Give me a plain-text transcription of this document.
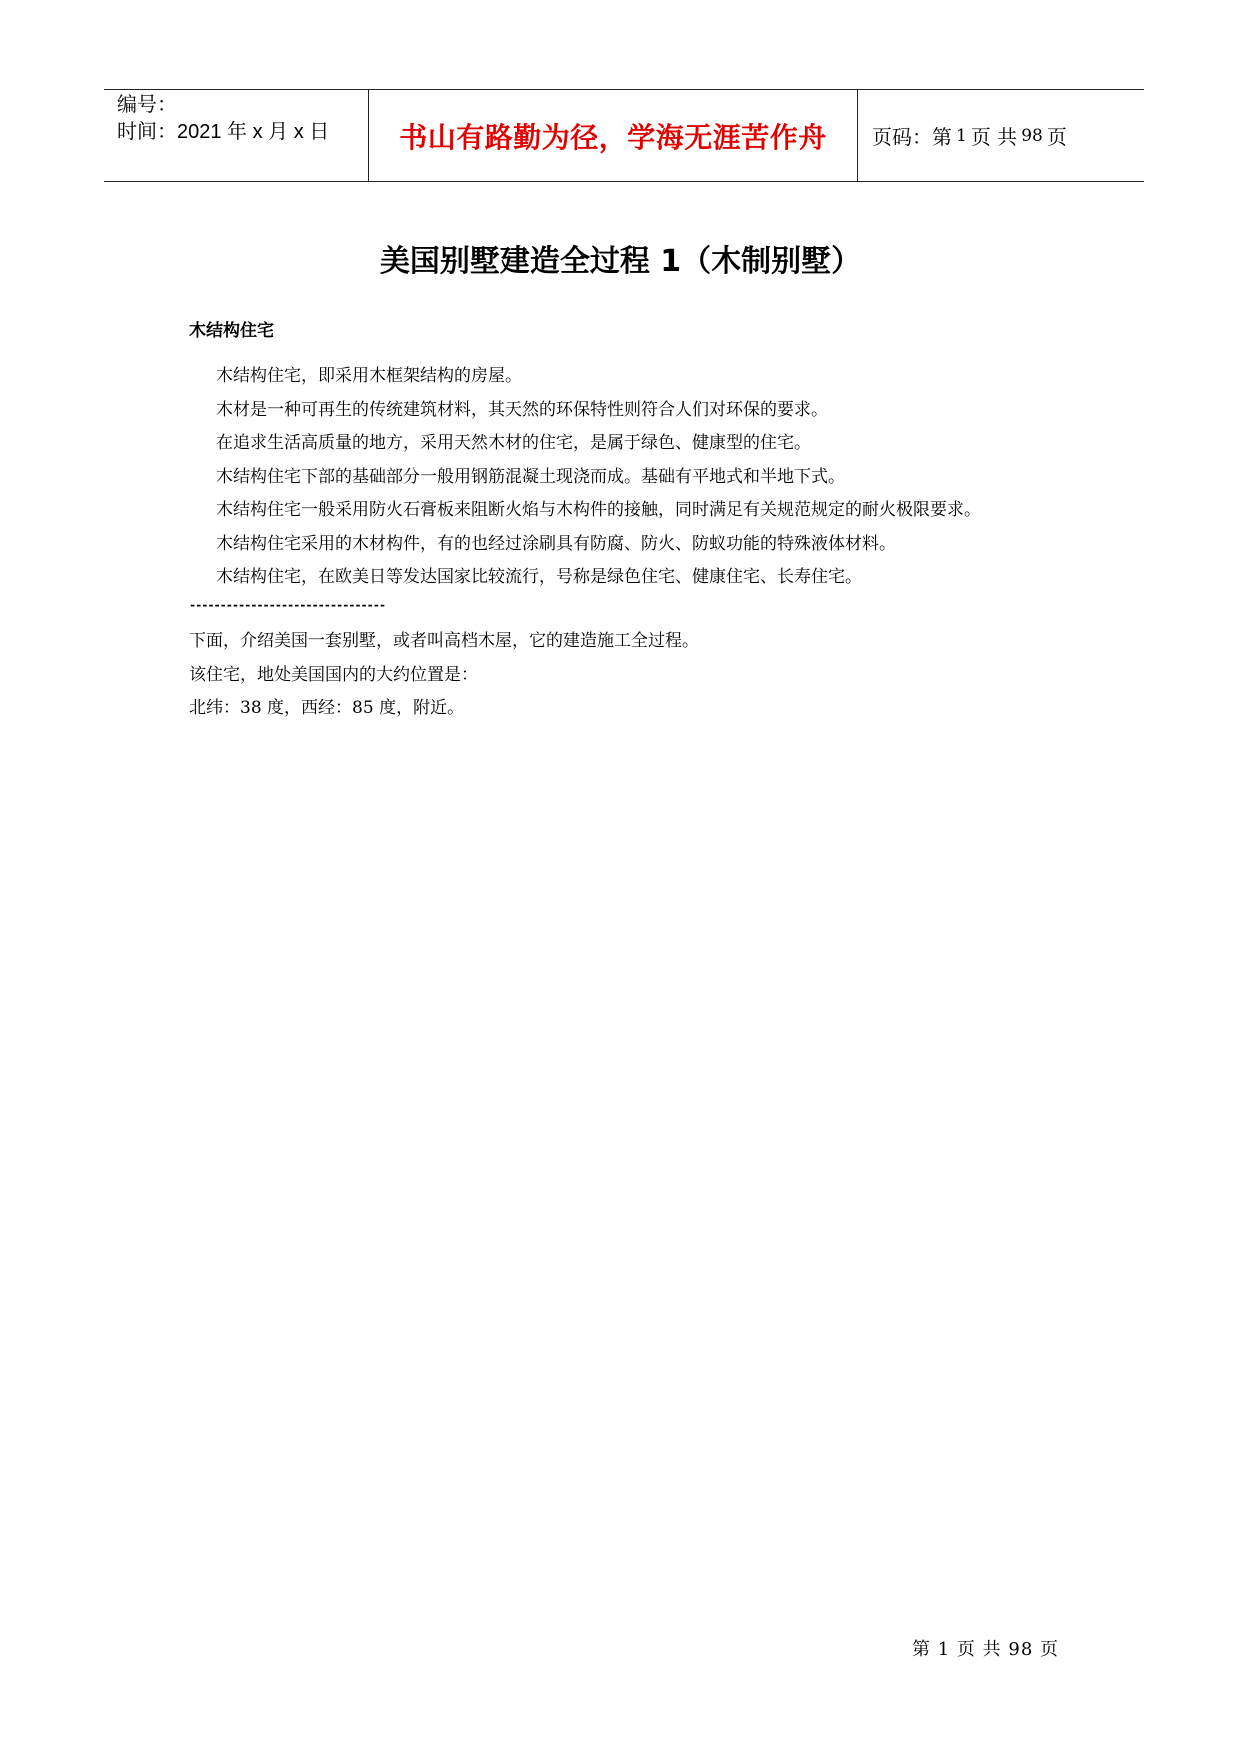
编号：
时间：2021 年 x 月 x 日	书山有路勤为径，学海无涯苦作舟 页码：第 1 页 共 98 页
美国别墅建造全过程 1（木制别墅）
木结构住宅
木结构住宅，即采用木框架结构的房屋。
木材是一种可再生的传统建筑材料，其天然的环保特性则符合人们对环保的要求。
在追求生活高质量的地方，采用天然木材的住宅，是属于绿色、健康型的住宅。
木结构住宅下部的基础部分一般用钢筋混凝土现浇而成。基础有平地式和半地下式。
木结构住宅一般采用防火石膏板来阻断火焰与木构件的接触，同时满足有关规范规定的耐火极限要求。
木结构住宅采用的木材构件，有的也经过涂刷具有防腐、防火、防蚁功能的特殊液体材料。
木结构住宅，在欧美日等发达国家比较流行，号称是绿色住宅、健康住宅、长寿住宅。
--------------------------------
下面，介绍美国一套别墅，或者叫高档木屋，它的建造施工全过程。
该住宅，地处美国国内的大约位置是：
北纬：38 度，西经：85 度，附近。
第 1 页 共 98 页
